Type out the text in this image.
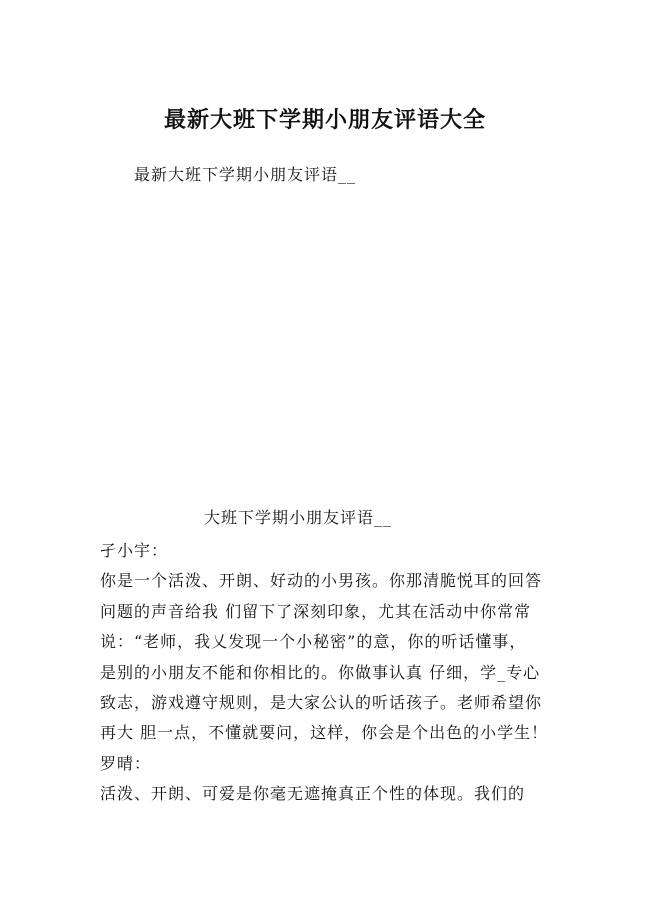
最新大班下学期小朋友评语大全
最新大班下学期小朋友评语__
大班下学期小朋友评语__
孑小宇：
你是一个活泼、开朗、好动的小男孩。你那清脆悦耳的回答
问题的声音给我 们留下了深刻印象，尤其在活动中你常常
说：“老师，我乂发现一个小秘密”的意，你的听话懂事，
是别的小朋友不能和你相比的。你做事认真 仔细，学_专心
致志，游戏遵守规则，是大家公认的听话孩子。老师希望你
再大 胆一点，不懂就要问，这样，你会是个出色的小学生！
罗晴：
活泼、开朗、可爱是你毫无遮掩真正个性的体现。我们的
